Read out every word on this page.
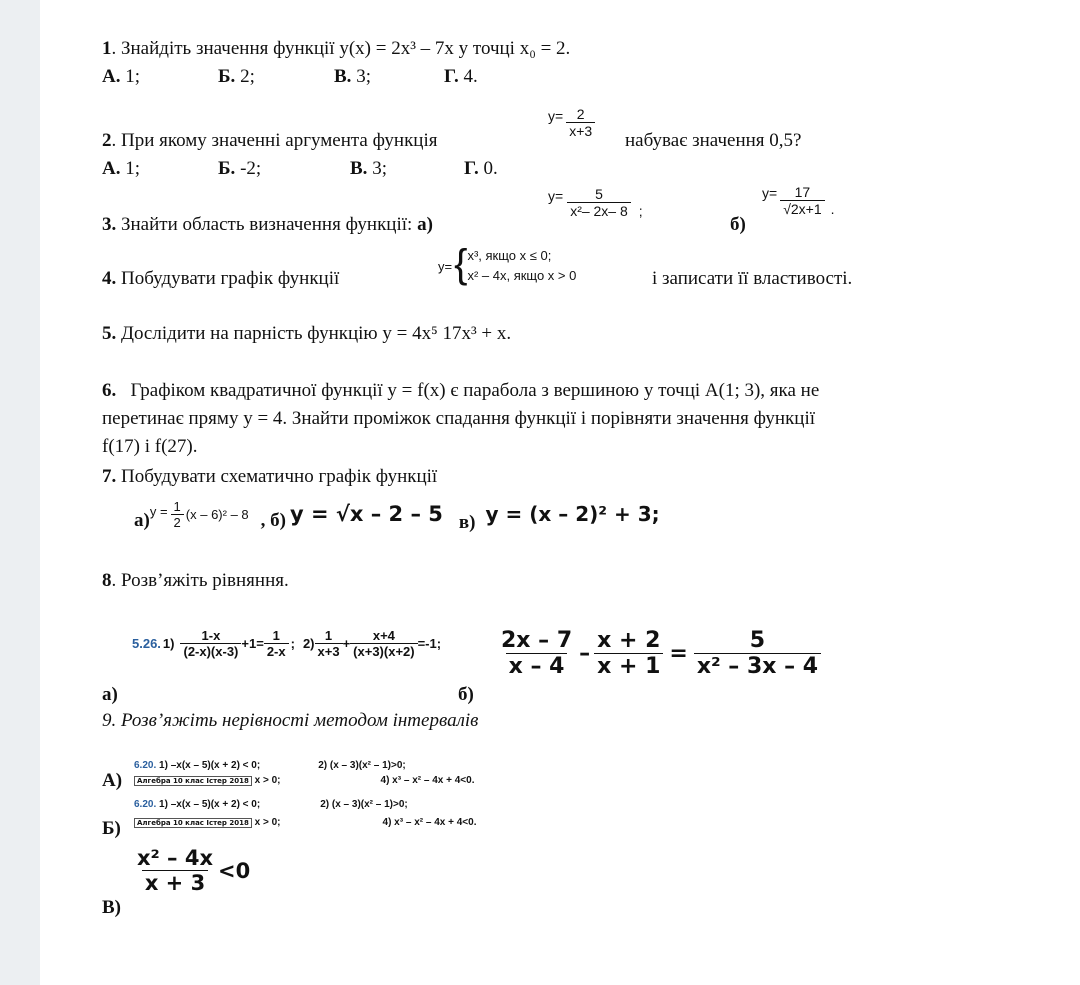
1. Знайдіть значення функції y(x) = 2x³ – 7x у точці x₀ = 2.
А. 1;	Б. 2;	В. 3;	Г. 4.
2. При якому значенні аргумента функція
$y= \frac{2}{x+3}$
набуває значення 0,5?
А. 1;	Б. -2;	В. 3;	Г. 0.
3. Знайти область визначення функції: а)
$y= \frac{5}{\text{x²– 2x– 8}}$ ;
б)
$y= \frac{17}{√2x+1}$ .
4. Побудувати графік функції
y= { x³, якщо x ≤ 0;
x² – 4x, якщо x > 0	і записати її властивості.
5. Дослідити на парність функцію y = 4x⁵ 17x³ + x.
6. Графіком квадратичної функції y = f(x) є парабола з вершиною у точці A(1; 3), яка не
перетинає пряму y = 4. Знайти проміжок спадання функції і порівняти значення функції
f(17) і f(27).
7. Побудувати схематично графік функції
а) $y = \frac{1}{2} (x - 6)^2 - 8$ , б) y = √x – 2 – 5 в) y = (x – 2)² + 3;
8. Розв’яжіть рівняння.
5.26. $1) \frac{1-x}{(2-x)(x-3)} +1= \frac{1}{2-x}$ ; $2) \frac{1}{x+3} + \frac{x+4}{(x+3)(x+2)} =-1$;
а)	б)
$\frac{2x - 7}{x - 4} - \frac{x + 2}{x + 1} = \frac{5}{\text{x² – 3x – 4}}$
9. Розв’яжіть нерівності методом інтервалів
А)
6.20. 1) –x(x – 5)(x + 2) < 0;	2) (x – 3)(x² – 1)>0;
Алгебра 10 клас Істер 2018 x > 0;	4) x³ – x² – 4x + 4<0.
Б)
6.20. 1) –x(x – 5)(x + 2) < 0;	2) (x – 3)(x² – 1)>0;
Алгебра 10 клас Істер 2018 x > 0;	4) x³ – x² – 4x + 4<0.
В)
$\frac{\text{x² – 4x}}{x + 3} <0$
